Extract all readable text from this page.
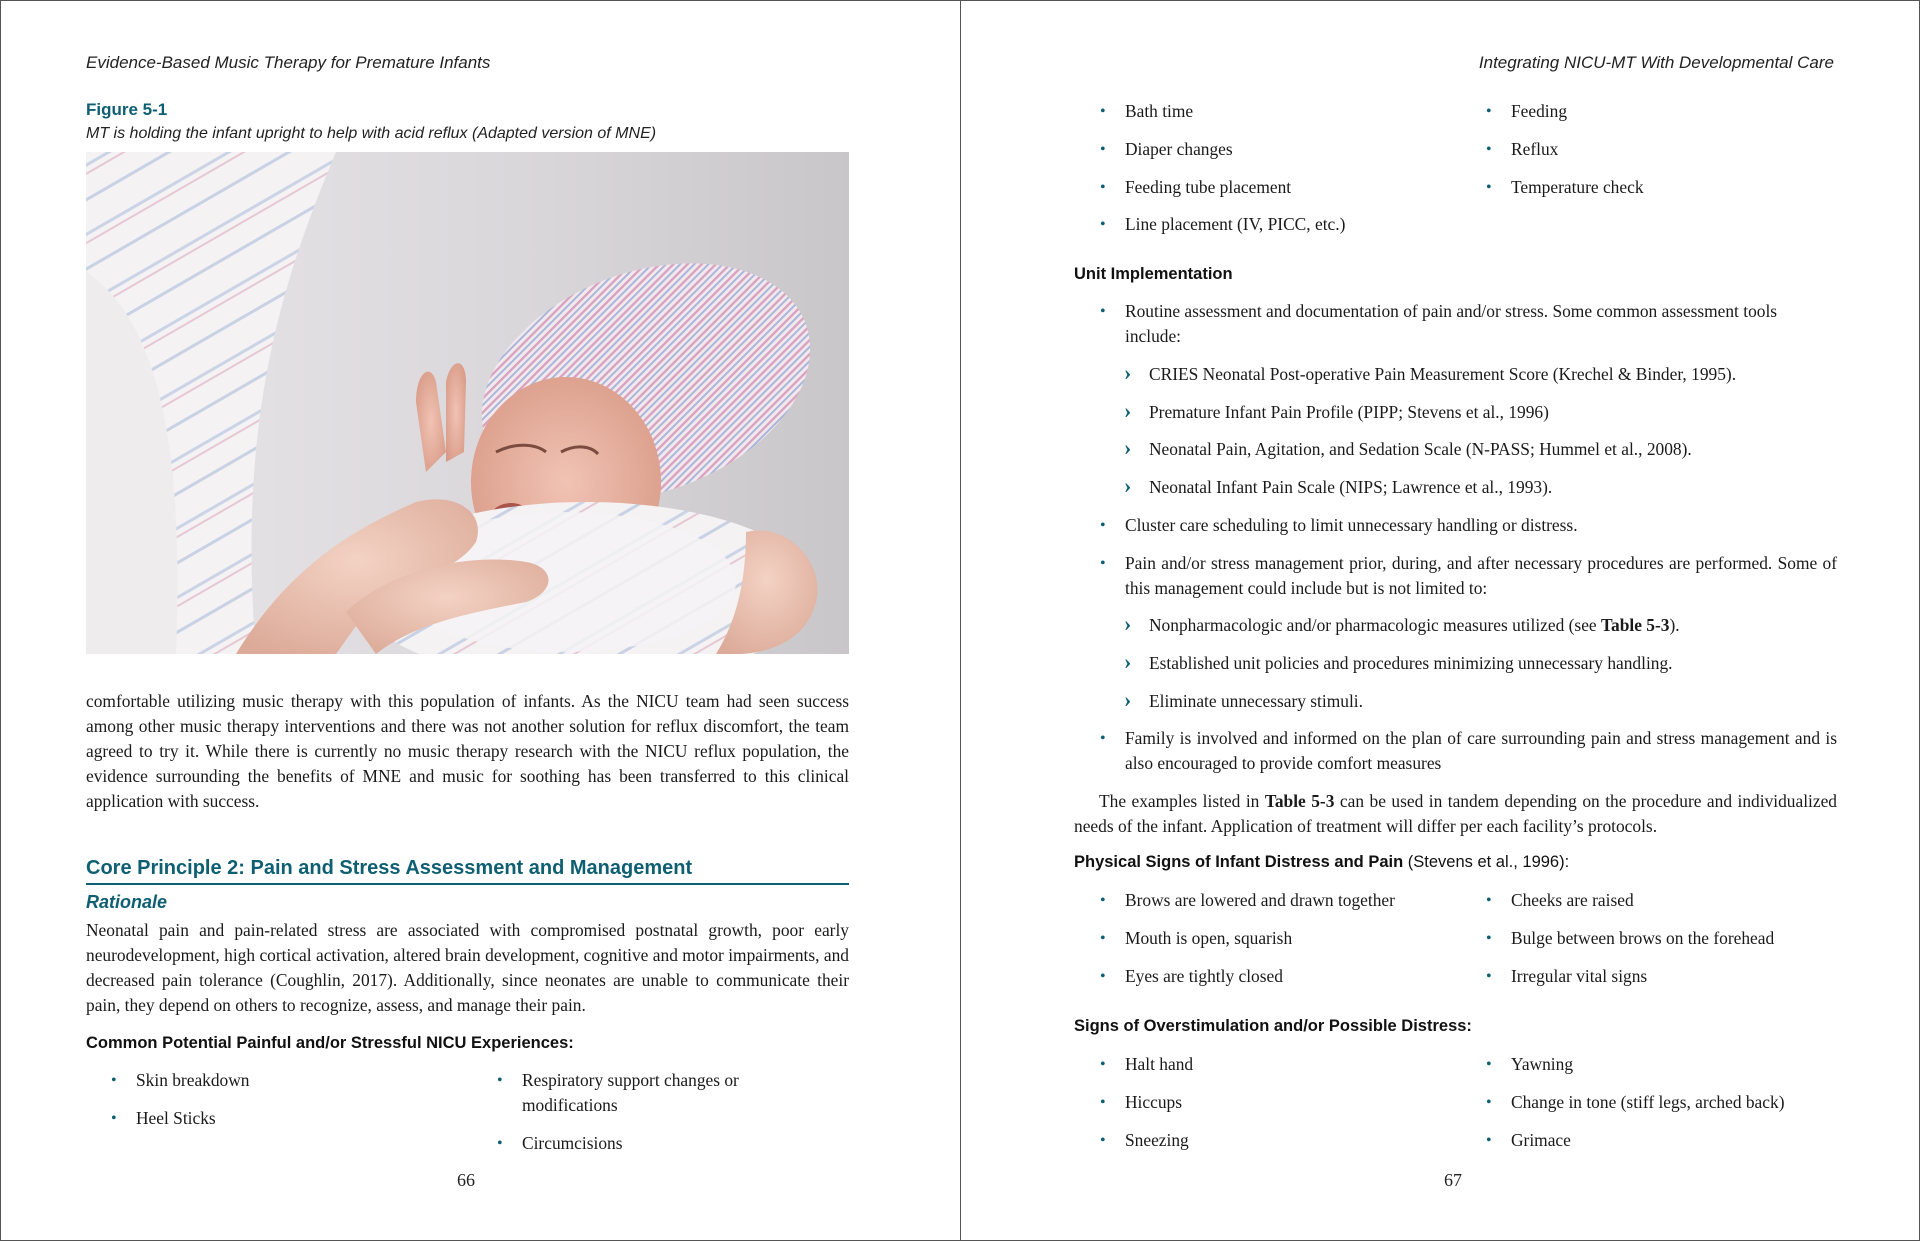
Evidence-Based Music Therapy for Premature Infants
Figure 5-1
MT is holding the infant upright to help with acid reflux (Adapted version of MNE)
comfortable utilizing music therapy with this population of infants. As the NICU team had seen success among other music therapy interventions and there was not another solution for reflux discomfort, the team agreed to try it. While there is currently no music therapy research with the NICU reflux population, the evidence surrounding the benefits of MNE and music for soothing has been transferred to this clinical application with success.
Core Principle 2: Pain and Stress Assessment and Management
Rationale
Neonatal pain and pain-related stress are associated with compromised postnatal growth, poor early neurodevelopment, high cortical activation, altered brain development, cognitive and motor impairments, and decreased pain tolerance (Coughlin, 2017). Additionally, since neonates are unable to communicate their pain, they depend on others to recognize, assess, and manage their pain.
Common Potential Painful and/or Stressful NICU Experiences:
• Skin breakdown
• Heel Sticks
• Respiratory support changes or modifications
• Circumcisions
66
Integrating NICU-MT With Developmental Care
• Bath time
• Diaper changes
• Feeding tube placement
• Line placement (IV, PICC, etc.)
• Feeding
• Reflux
• Temperature check
Unit Implementation
• Routine assessment and documentation of pain and/or stress. Some common assessment tools include:
› CRIES Neonatal Post-operative Pain Measurement Score (Krechel & Binder, 1995).
› Premature Infant Pain Profile (PIPP; Stevens et al., 1996)
› Neonatal Pain, Agitation, and Sedation Scale (N-PASS; Hummel et al., 2008).
› Neonatal Infant Pain Scale (NIPS; Lawrence et al., 1993).
• Cluster care scheduling to limit unnecessary handling or distress.
• Pain and/or stress management prior, during, and after necessary procedures are performed. Some of this management could include but is not limited to:
› Nonpharmacologic and/or pharmacologic measures utilized (see Table 5-3).
› Established unit policies and procedures minimizing unnecessary handling.
› Eliminate unnecessary stimuli.
• Family is involved and informed on the plan of care surrounding pain and stress management and is also encouraged to provide comfort measures
The examples listed in Table 5-3 can be used in tandem depending on the procedure and individualized needs of the infant. Application of treatment will differ per each facility’s protocols.
Physical Signs of Infant Distress and Pain (Stevens et al., 1996):
• Brows are lowered and drawn together
• Mouth is open, squarish
• Eyes are tightly closed
• Cheeks are raised
• Bulge between brows on the forehead
• Irregular vital signs
Signs of Overstimulation and/or Possible Distress:
• Halt hand
• Hiccups
• Sneezing
• Yawning
• Change in tone (stiff legs, arched back)
• Grimace
67
